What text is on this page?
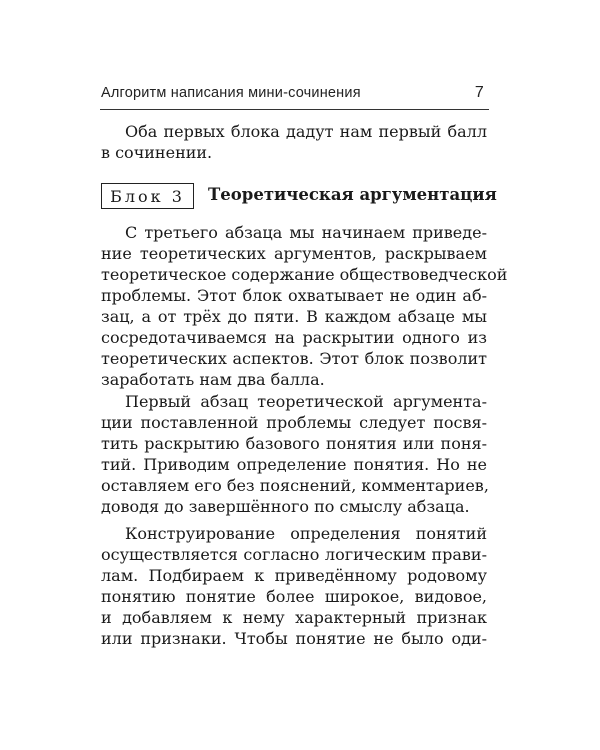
Алгоритм написания мини-сочинения	7
Оба первых блока дадут нам первый балл
в сочинении.
Блок 3	Теоретическая аргументация
С третьего абзаца мы начинаем приведе-
ние теоретических аргументов, раскрываем
теоретическое содержание обществоведческой
проблемы. Этот блок охватывает не один аб-
зац, а от трёх до пяти. В каждом абзаце мы
сосредотачиваемся на раскрытии одного из
теоретических аспектов. Этот блок позволит
заработать нам два балла.
Первый абзац теоретической аргумента-
ции поставленной проблемы следует посвя-
тить раскрытию базового понятия или поня-
тий. Приводим определение понятия. Но не
оставляем его без пояснений, комментариев,
доводя до завершённого по смыслу абзаца.
Конструирование определения понятий
осуществляется согласно логическим прави-
лам. Подбираем к приведённому родовому
понятию понятие более широкое, видовое,
и добавляем к нему характерный признак
или признаки. Чтобы понятие не было оди-
